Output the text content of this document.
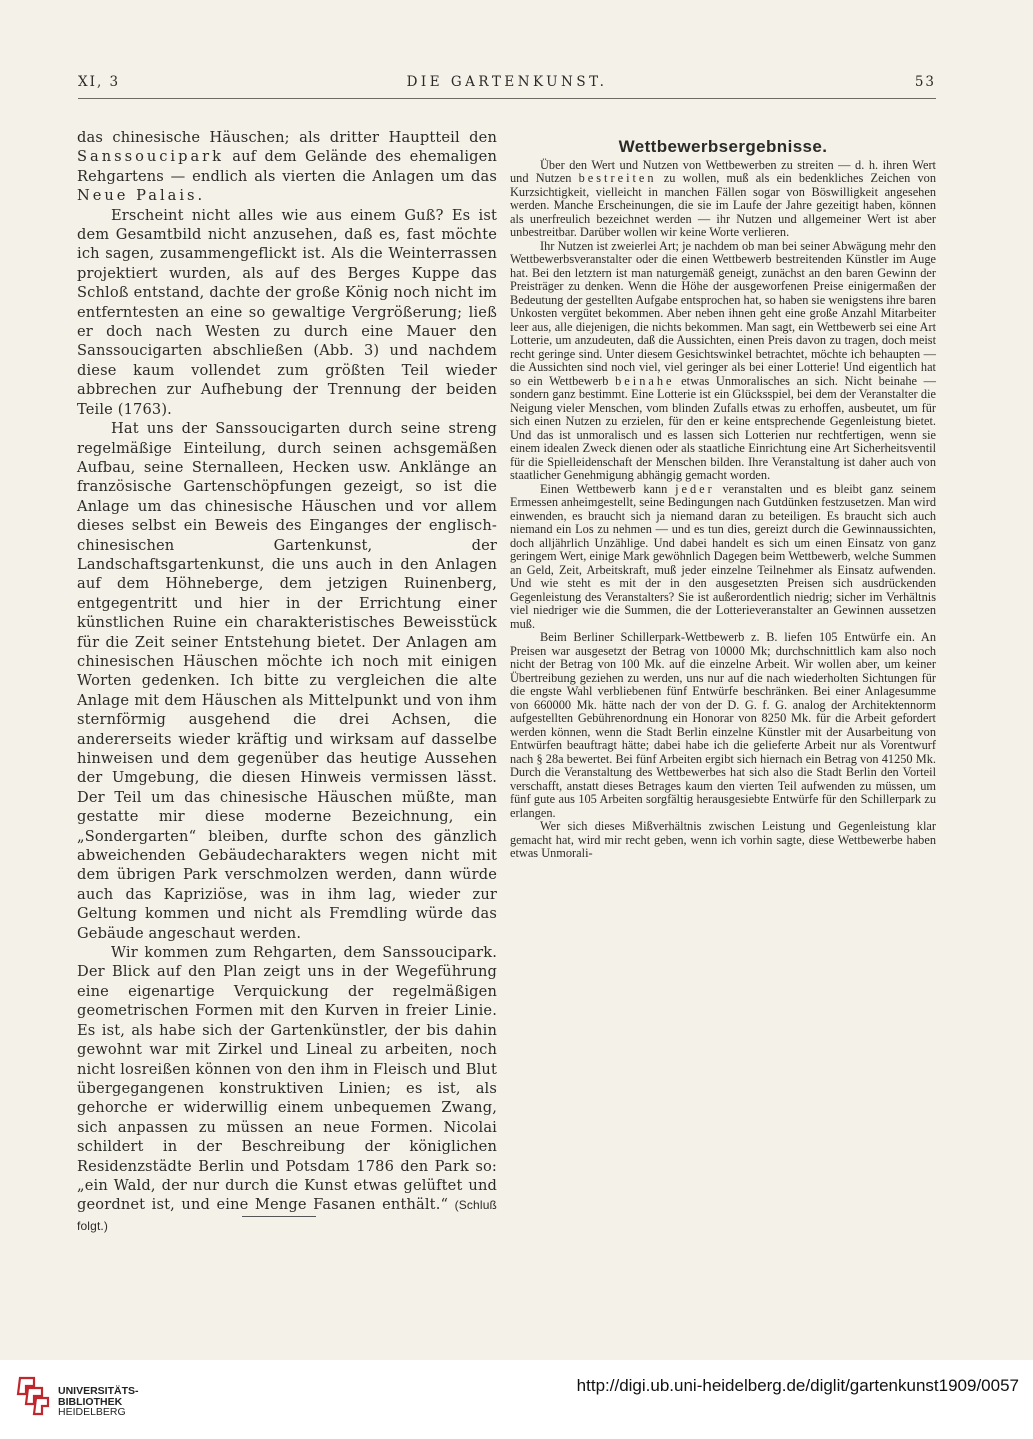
XI, 3	DIE GARTENKUNST.	53

das chinesische Häuschen; als dritter Hauptteil den Sanssoucipark auf dem Gelände des ehemaligen Rehgartens — endlich als vierten die Anlagen um das Neue Palais.

Erscheint nicht alles wie aus einem Guß? Es ist dem Gesamtbild nicht anzusehen, daß es, fast möchte ich sagen, zusammengeflickt ist. Als die Weinterrassen projektiert wurden, als auf des Berges Kuppe das Schloß entstand, dachte der große König noch nicht im entferntesten an eine so gewaltige Vergrößerung; ließ er doch nach Westen zu durch eine Mauer den Sanssoucigarten abschließen (Abb. 3) und nachdem diese kaum vollendet zum größten Teil wieder abbrechen zur Aufhebung der Trennung der beiden Teile (1763).

Hat uns der Sanssoucigarten durch seine streng regelmäßige Einteilung, durch seinen achsgemäßen Aufbau, seine Sternalleen, Hecken usw. Anklänge an französische Gartenschöpfungen gezeigt, so ist die Anlage um das chinesische Häuschen und vor allem dieses selbst ein Beweis des Einganges der englisch-chinesischen Gartenkunst, der Landschaftsgartenkunst, die uns auch in den Anlagen auf dem Höhneberge, dem jetzigen Ruinenberg, entgegentritt und hier in der Errichtung einer künstlichen Ruine ein charakteristisches Beweisstück für die Zeit seiner Entstehung bietet. Der Anlagen am chinesischen Häuschen möchte ich noch mit einigen Worten gedenken. Ich bitte zu vergleichen die alte Anlage mit dem Häuschen als Mittelpunkt und von ihm sternförmig ausgehend die drei Achsen, die andererseits wieder kräftig und wirksam auf dasselbe hinweisen und dem gegenüber das heutige Aussehen der Umgebung, die diesen Hinweis vermissen lässt. Der Teil um das chinesische Häuschen müßte, man gestatte mir diese moderne Bezeichnung, ein „Sondergarten“ bleiben, durfte schon des gänzlich abweichenden Gebäudecharakters wegen nicht mit dem übrigen Park verschmolzen werden, dann würde auch das Kapriziöse, was in ihm lag, wieder zur Geltung kommen und nicht als Fremdling würde das Gebäude angeschaut werden.

Wir kommen zum Rehgarten, dem Sanssoucipark. Der Blick auf den Plan zeigt uns in der Wegeführung eine eigenartige Verquickung der regelmäßigen geometrischen Formen mit den Kurven in freier Linie. Es ist, als habe sich der Gartenkünstler, der bis dahin gewohnt war mit Zirkel und Lineal zu arbeiten, noch nicht losreißen können von den ihm in Fleisch und Blut übergegangenen konstruktiven Linien; es ist, als gehorche er widerwillig einem unbequemen Zwang, sich anpassen zu müssen an neue Formen. Nicolai schildert in der Beschreibung der königlichen Residenzstädte Berlin und Potsdam 1786 den Park so: „ein Wald, der nur durch die Kunst etwas gelüftet und geordnet ist, und eine Menge Fasanen enthält.“ (Schluß folgt.)

Wettbewerbsergebnisse.

Über den Wert und Nutzen von Wettbewerben zu streiten — d. h. ihren Wert und Nutzen bestreiten zu wollen, muß als ein bedenkliches Zeichen von Kurzsichtigkeit, vielleicht in manchen Fällen sogar von Böswilligkeit angesehen werden. Manche Erscheinungen, die sie im Laufe der Jahre gezeitigt haben, können als unerfreulich bezeichnet werden — ihr Nutzen und allgemeiner Wert ist aber unbestreitbar. Darüber wollen wir keine Worte verlieren.

Ihr Nutzen ist zweierlei Art; je nachdem ob man bei seiner Abwägung mehr den Wettbewerbsveranstalter oder die einen Wettbewerb bestreitenden Künstler im Auge hat. Bei den letztern ist man naturgemäß geneigt, zunächst an den baren Gewinn der Preisträger zu denken. Wenn die Höhe der ausgeworfenen Preise einigermaßen der Bedeutung der gestellten Aufgabe entsprochen hat, so haben sie wenigstens ihre baren Unkosten vergütet bekommen. Aber neben ihnen geht eine große Anzahl Mitarbeiter leer aus, alle diejenigen, die nichts bekommen. Man sagt, ein Wettbewerb sei eine Art Lotterie, um anzudeuten, daß die Aussichten, einen Preis davon zu tragen, doch meist recht geringe sind. Unter diesem Gesichtswinkel betrachtet, möchte ich behaupten — die Aussichten sind noch viel, viel geringer als bei einer Lotterie! Und eigentlich hat so ein Wettbewerb beinahe etwas Unmoralisches an sich. Nicht beinahe — sondern ganz bestimmt. Eine Lotterie ist ein Glücksspiel, bei dem der Veranstalter die Neigung vieler Menschen, vom blinden Zufalls etwas zu erhoffen, ausbeutet, um für sich einen Nutzen zu erzielen, für den er keine entsprechende Gegenleistung bietet. Und das ist unmoralisch und es lassen sich Lotterien nur rechtfertigen, wenn sie einem idealen Zweck dienen oder als staatliche Einrichtung eine Art Sicherheitsventil für die Spielleidenschaft der Menschen bilden. Ihre Veranstaltung ist daher auch von staatlicher Genehmigung abhängig gemacht worden.

Einen Wettbewerb kann jeder veranstalten und es bleibt ganz seinem Ermessen anheimgestellt, seine Bedingungen nach Gutdünken festzusetzen. Man wird einwenden, es braucht sich ja niemand daran zu beteiligen. Es braucht sich auch niemand ein Los zu nehmen — und es tun dies, gereizt durch die Gewinnaussichten, doch alljährlich Unzählige. Und dabei handelt es sich um einen Einsatz von ganz geringem Wert, einige Mark gewöhnlich Dagegen beim Wettbewerb, welche Summen an Geld, Zeit, Arbeitskraft, muß jeder einzelne Teilnehmer als Einsatz aufwenden. Und wie steht es mit der in den ausgesetzten Preisen sich ausdrückenden Gegenleistung des Veranstalters? Sie ist außerordentlich niedrig; sicher im Verhältnis viel niedriger wie die Summen, die der Lotterieveranstalter an Gewinnen aussetzen muß.

Beim Berliner Schillerpark-Wettbewerb z. B. liefen 105 Entwürfe ein. An Preisen war ausgesetzt der Betrag von 10000 Mk; durchschnittlich kam also noch nicht der Betrag von 100 Mk. auf die einzelne Arbeit. Wir wollen aber, um keiner Übertreibung geziehen zu werden, uns nur auf die nach wiederholten Sichtungen für die engste Wahl verbliebenen fünf Entwürfe beschränken. Bei einer Anlagesumme von 660000 Mk. hätte nach der von der D. G. f. G. analog der Architektennorm aufgestellten Gebührenordnung ein Honorar von 8250 Mk. für die Arbeit gefordert werden können, wenn die Stadt Berlin einzelne Künstler mit der Ausarbeitung von Entwürfen beauftragt hätte; dabei habe ich die gelieferte Arbeit nur als Vorentwurf nach § 28a bewertet. Bei fünf Arbeiten ergibt sich hiernach ein Betrag von 41250 Mk. Durch die Veranstaltung des Wettbewerbes hat sich also die Stadt Berlin den Vorteil verschafft, anstatt dieses Betrages kaum den vierten Teil aufwenden zu müssen, um fünf gute aus 105 Arbeiten sorgfältig herausgesiebte Entwürfe für den Schillerpark zu erlangen.

Wer sich dieses Mißverhältnis zwischen Leistung und Gegenleistung klar gemacht hat, wird mir recht geben, wenn ich vorhin sagte, diese Wettbewerbe haben etwas Unmorali-

UNIVERSITÄTS-
BIBLIOTHEK
HEIDELBERG
http://digi.ub.uni-heidelberg.de/diglit/gartenkunst1909/0057
